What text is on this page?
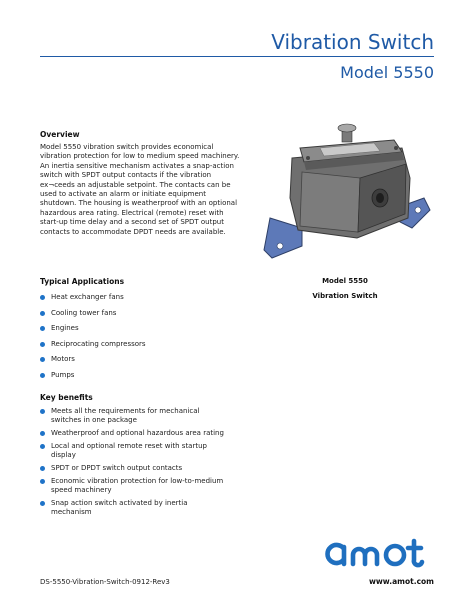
Vibration Switch
Model 5550
Overview
Model 5550 vibration switch provides economical vibration protection for low to medium speed machinery. An inertia sensitive mechanism activates a snap-action switch with SPDT output contacts if the vibration ex¬ceeds an adjustable setpoint. The contacts can be used to activate an alarm or initiate equipment shutdown. The housing is weatherproof with an optional hazardous area rating. Electrical (remote) reset with start-up time delay and a second set of SPDT output contacts to accommodate DPDT needs are available.
Typical Applications
Heat exchanger fans
Cooling tower fans
Engines
Reciprocating compressors
Motors
Pumps
Key benefits
Meets all the requirements for mechanical switches in one package
Weatherproof and optional hazardous area rating
Local and optional remote reset with startup display
SPDT or DPDT switch output contacts
Economic vibration protection for low-to-medium speed machinery
Snap action switch activated by inertia mechanism
Model 5550
Vibration Switch
DS-5550-Vibration-Switch-0912-Rev3	www.amot.com
